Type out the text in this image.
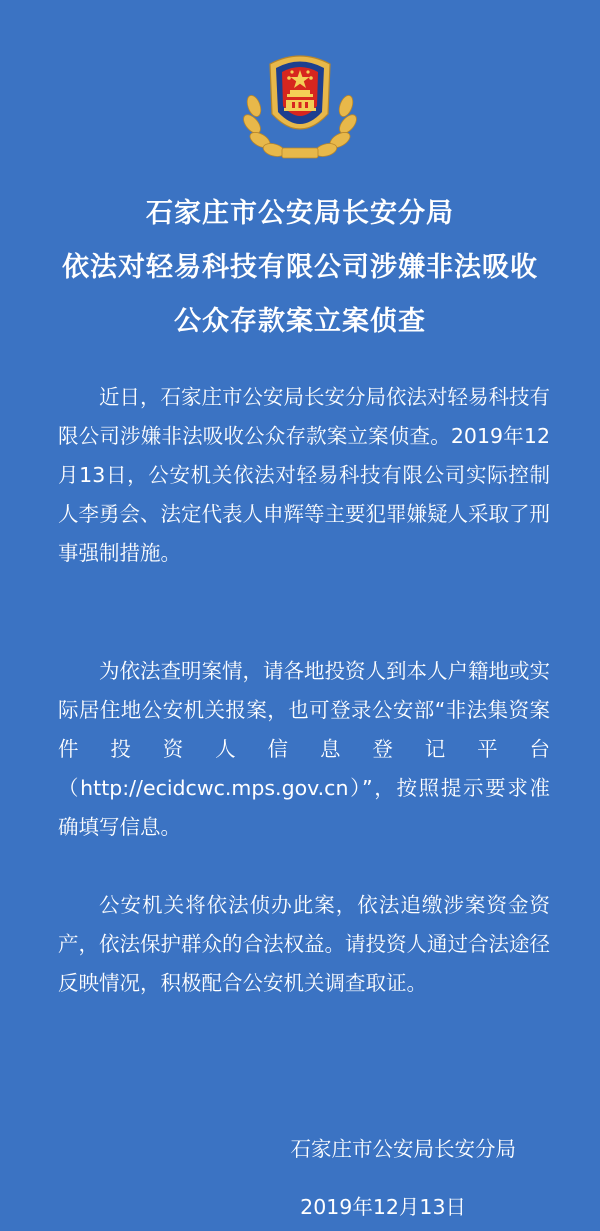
石家庄市公安局长安分局
依法对轻易科技有限公司涉嫌非法吸收
公众存款案立案侦查
近日，石家庄市公安局长安分局依法对轻易科技有限公司涉嫌非法吸收公众存款案立案侦查。2019年12月13日，公安机关依法对轻易科技有限公司实际控制人李勇会、法定代表人申辉等主要犯罪嫌疑人采取了刑事强制措施。
为依法查明案情，请各地投资人到本人户籍地或实际居住地公安机关报案，也可登录公安部“非法集资案件投资人信息登记平台（http://ecidcwc.mps.gov.cn）”，按照提示要求准确填写信息。
公安机关将依法侦办此案，依法追缴涉案资金资产，依法保护群众的合法权益。请投资人通过合法途径反映情况，积极配合公安机关调查取证。
石家庄市公安局长安分局
2019年12月13日
